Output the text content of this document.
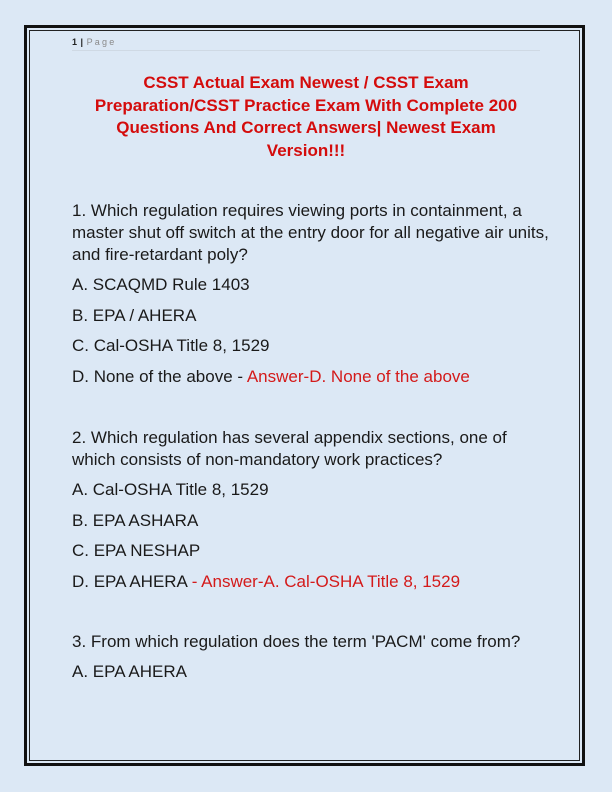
1 | Page
CSST Actual Exam Newest / CSST Exam
Preparation/CSST Practice Exam With Complete 200
Questions And Correct Answers| Newest Exam
Version!!!

1. Which regulation requires viewing ports in containment, a master shut off switch at the entry door for all negative air units, and fire-retardant poly?

A. SCAQMD Rule 1403

B. EPA / AHERA

C. Cal-OSHA Title 8, 1529

D. None of the above - Answer-D. None of the above

2. Which regulation has several appendix sections, one of which consists of non-mandatory work practices?

A. Cal-OSHA Title 8, 1529

B. EPA ASHARA

C. EPA NESHAP

D. EPA AHERA - Answer-A. Cal-OSHA Title 8, 1529

3. From which regulation does the term 'PACM' come from?

A. EPA AHERA
